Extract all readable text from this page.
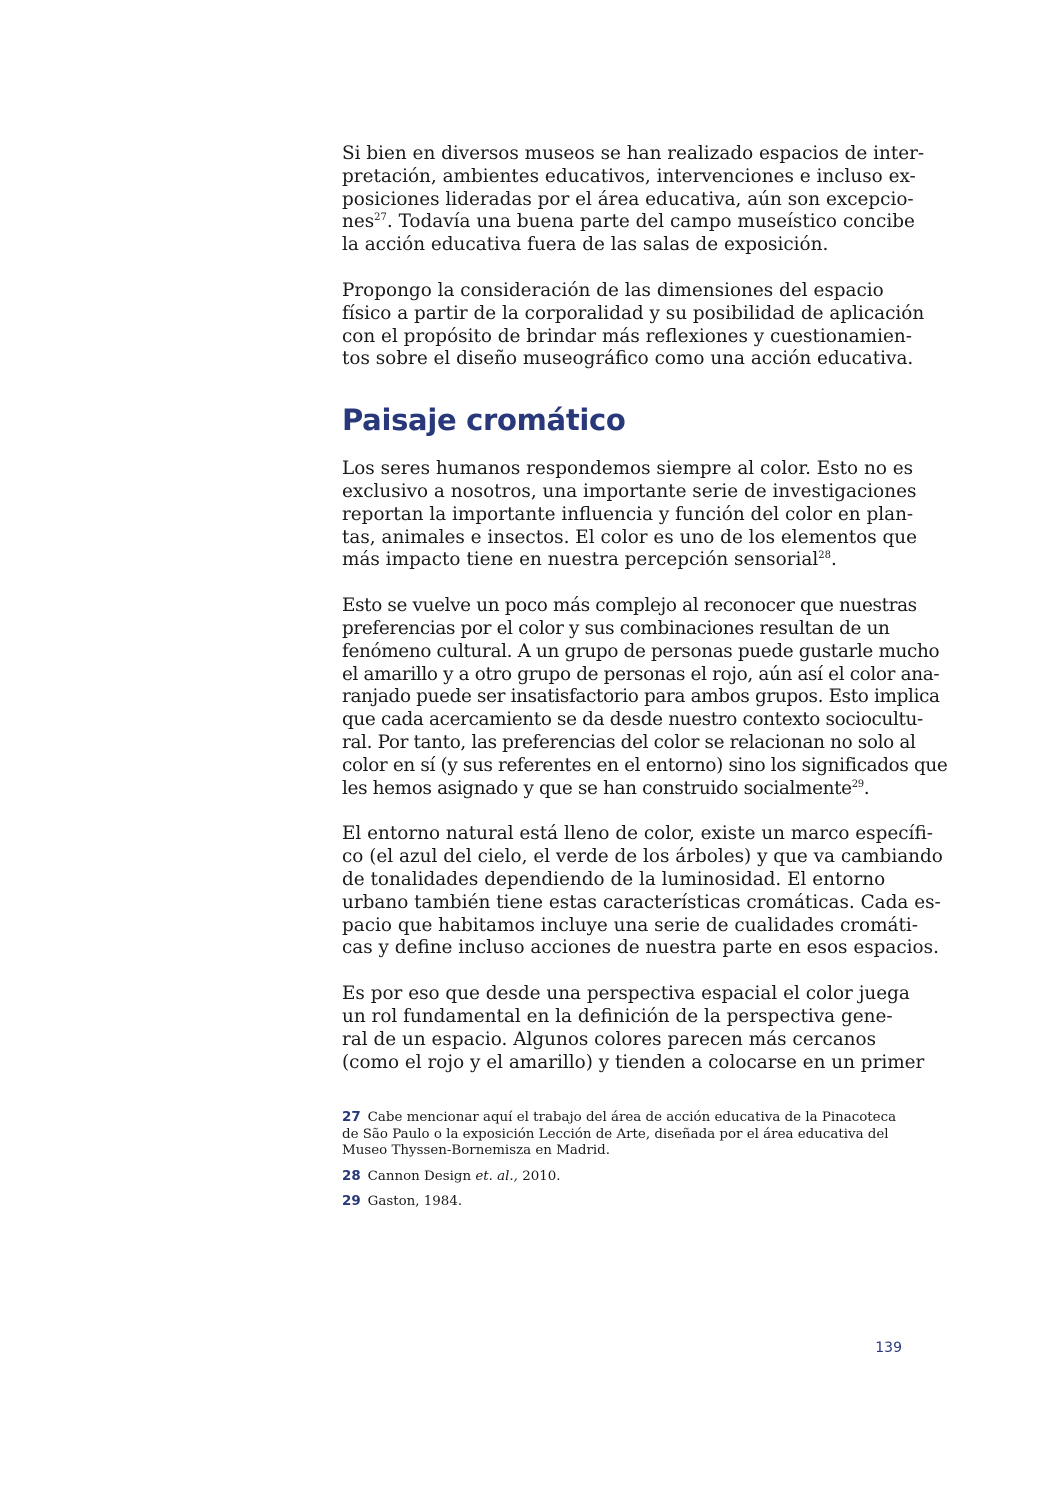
Si bien en diversos museos se han realizado espacios de inter-
pretación, ambientes educativos, intervenciones e incluso ex-
posiciones lideradas por el área educativa, aún son excepcio-
nes$^{27}$. Todavía una buena parte del campo museístico concibe
la acción educativa fuera de las salas de exposición.

Propongo la consideración de las dimensiones del espacio
físico a partir de la corporalidad y su posibilidad de aplicación
con el propósito de brindar más reflexiones y cuestionamien-
tos sobre el diseño museográfico como una acción educativa.

Paisaje cromático

Los seres humanos respondemos siempre al color. Esto no es
exclusivo a nosotros, una importante serie de investigaciones
reportan la importante influencia y función del color en plan-
tas, animales e insectos. El color es uno de los elementos que
más impacto tiene en nuestra percepción sensorial$^{28}$.

Esto se vuelve un poco más complejo al reconocer que nuestras
preferencias por el color y sus combinaciones resultan de un
fenómeno cultural. A un grupo de personas puede gustarle mucho
el amarillo y a otro grupo de personas el rojo, aún así el color ana-
ranjado puede ser insatisfactorio para ambos grupos. Esto implica
que cada acercamiento se da desde nuestro contexto sociocultu-
ral. Por tanto, las preferencias del color se relacionan no solo al
color en sí (y sus referentes en el entorno) sino los significados que
les hemos asignado y que se han construido socialmente$^{29}$.

El entorno natural está lleno de color, existe un marco específi-
co (el azul del cielo, el verde de los árboles) y que va cambiando
de tonalidades dependiendo de la luminosidad. El entorno
urbano también tiene estas características cromáticas. Cada es-
pacio que habitamos incluye una serie de cualidades cromáti-
cas y define incluso acciones de nuestra parte en esos espacios.

Es por eso que desde una perspectiva espacial el color juega
un rol fundamental en la definición de la perspectiva gene-
ral de un espacio. Algunos colores parecen más cercanos
(como el rojo y el amarillo) y tienden a colocarse en un primer

27 Cabe mencionar aquí el trabajo del área de acción educativa de la Pinacoteca
de São Paulo o la exposición Lección de Arte, diseñada por el área educativa del
Museo Thyssen-Bornemisza en Madrid.

28 Cannon Design et. al., 2010.

29 Gaston, 1984.

139
